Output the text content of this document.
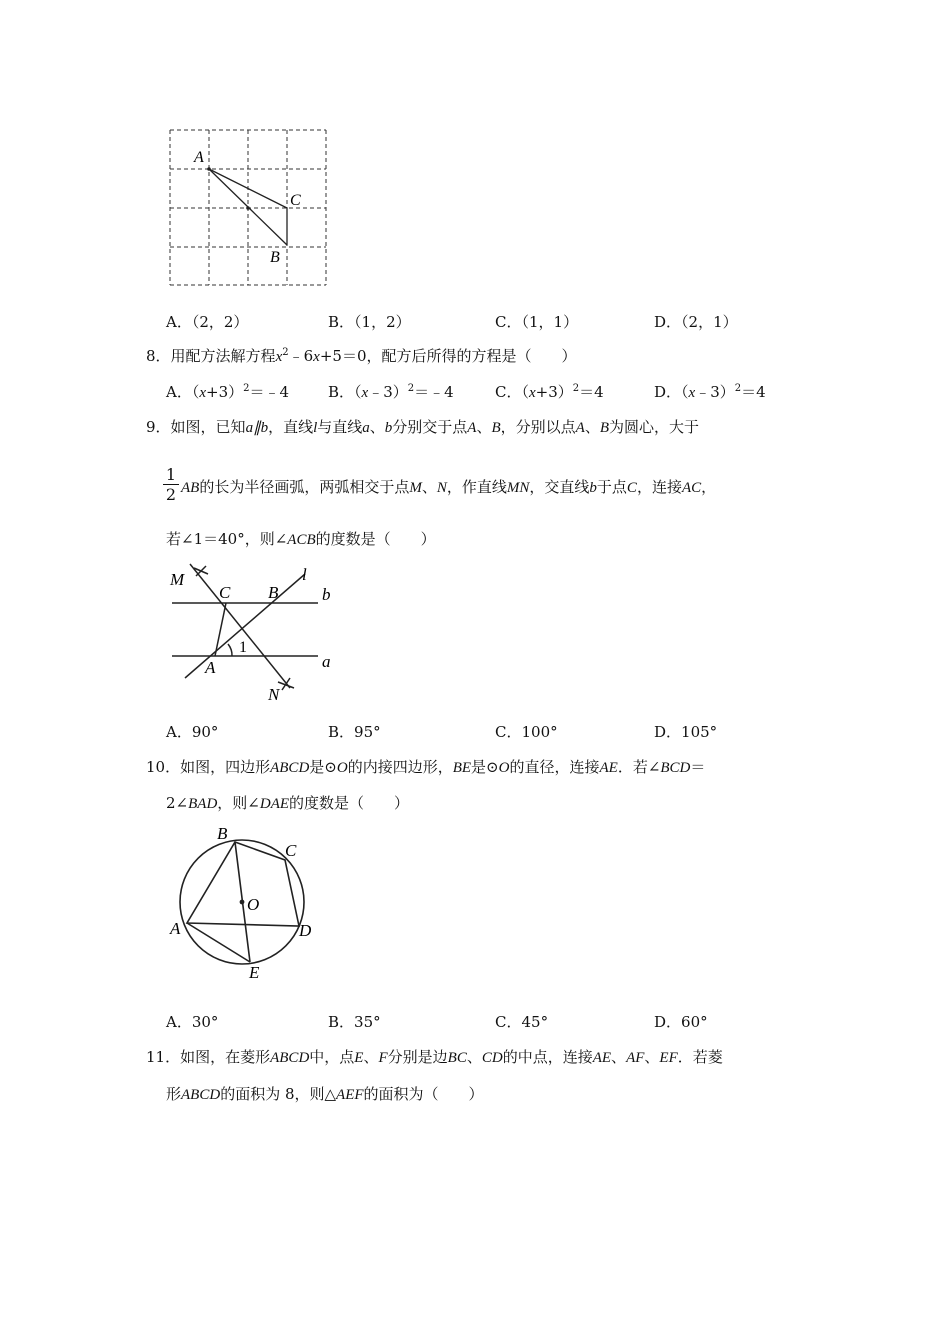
A
C
B
A．（2，2）	B．（1，2）	C．（1，1）	D．（2，1）
8．用配方法解方程$x^2﹣6x+5=0$，配方后所得的方程是（　　）
A．$(x+3)^2=﹣4$	B．（x﹣3）$^2$＝﹣4	C．$(x+3)^2=4$	D．（x﹣3）$^2$＝4
9．如图，已知a∥b，直线l与直线a、b分别交于点A、B，分别以点A、B为圆心，大于
1
2 AB的长为半径画弧，两弧相交于点M、N，作直线MN，交直线b于点C，连接AC，
若∠1＝40°，则∠ACB的度数是（　　）
M
C B
l
b
1
A	a
N
A．90°	B．95°	C．100°	D．105°
10．如图，四边形ABCD是⊙O的内接四边形，BE是⊙O的直径，连接AE．若∠BCD＝
2∠BAD，则∠DAE的度数是（　　）
B
C
O
A	D
E
A．30°	B．35°	C．45°	D．60°
11．如图，在菱形ABCD中，点E、F分别是边BC、CD的中点，连接AE、AF、EF．若菱
形ABCD的面积为 8，则△AEF的面积为（　　）
